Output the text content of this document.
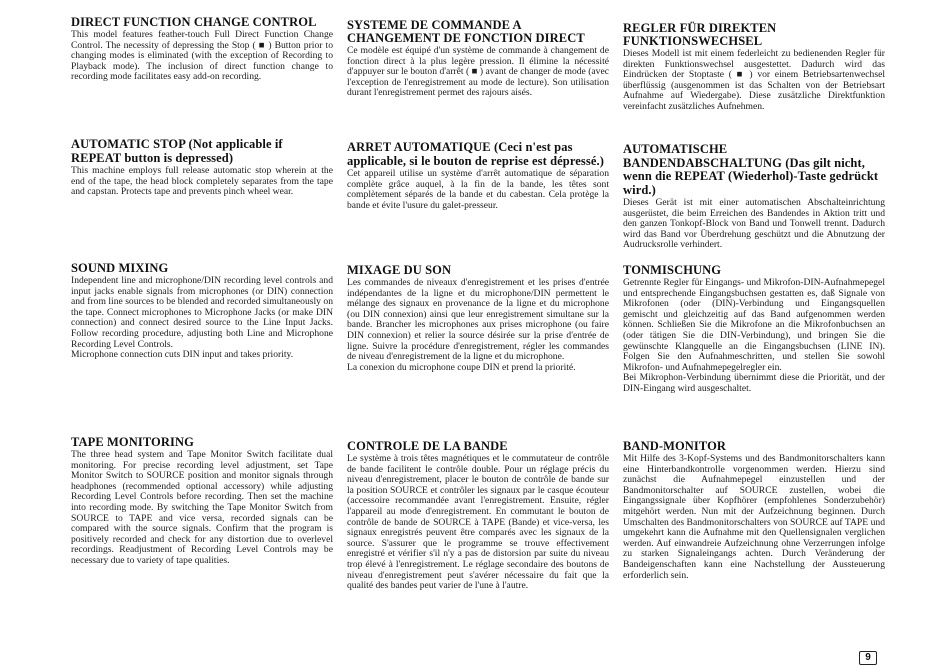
DIRECT FUNCTION CHANGE CONTROL

This model features feather-touch Full Direct Function Change Control. The necessity of depressing the Stop ( ■ ) Button prior to changing modes is eliminated (with the exception of Recording to Playback mode). The inclusion of direct function change to recording mode facilitates easy add-on recording.

AUTOMATIC STOP (Not applicable if REPEAT button is depressed)

This machine employs full release automatic stop wherein at the end of the tape, the head block completely separates from the tape and capstan. Protects tape and prevents pinch wheel wear.

SOUND MIXING

Independent line and microphone/DIN recording level controls and input jacks enable signals from microphones (or DIN) connection and from line sources to be blended and recorded simultaneously on the tape. Connect microphones to Microphone Jacks (or make DIN connection) and connect desired source to the Line Input Jacks. Follow recording procedure, adjusting both Line and Microphone Recording Level Controls.
Microphone connection cuts DIN input and takes priority.

TAPE MONITORING

The three head system and Tape Monitor Switch facilitate dual monitoring. For precise recording level adjustment, set Tape Monitor Switch to SOURCE position and monitor signals through headphones (recommended optional accessory) while adjusting Recording Level Controls before recording. Then set the machine into recording mode. By switching the Tape Monitor Switch from SOURCE to TAPE and vice versa, recorded signals can be compared with the source signals. Confirm that the program is positively recorded and check for any distortion due to overlevel recordings. Readjustment of Recording Level Controls may be necessary due to variety of tape qualities.

SYSTEME DE COMMANDE A CHANGEMENT DE FONCTION DIRECT

Ce modèle est équipé d'un système de commande à changement de fonction direct à la plus legère pression. Il élimine la nécessité d'appuyer sur le bouton d'arrêt ( ■ ) avant de changer de mode (avec l'exception de l'enregistrement au mode de lecture). Son utilisation durant l'enregistrement permet des rajours aisés.

ARRET AUTOMATIQUE (Ceci n'est pas applicable, si le bouton de reprise est dépressé.)

Cet appareil utilise un système d'arrêt automatique de séparation complète grâce auquel, à la fin de la bande, les têtes sont complètement séparés de la bande et du cabestan. Cela protège la bande et évite l'usure du galet-presseur.

MIXAGE DU SON

Les commandes de niveaux d'enregistrement et les prises d'entrée indépendantes de la ligne et du microphone/DIN permettent le mélange des signaux en provenance de la ligne et du microphone (ou DIN connexion) ainsi que leur enregistrement simultane sur la bande. Brancher les microphones aux prises microphone (ou faire DIN connexion) et relier la source désirée sur la prise d'entrée de ligne. Suivre la procédure d'enregistrement, régler les commandes de niveau d'enregistrement de la ligne et du microphone.
La conexion du microphone coupe DIN et prend la priorité.

CONTROLE DE LA BANDE

Le système à trois têtes magnétiques et le commutateur de contrôle de bande facilitent le contrôle double. Pour un réglage précis du niveau d'enregistrement, placer le bouton de contrôle de bande sur la position SOURCE et contrôler les signaux par le casque écouteur (accessoire recommandée avant l'enregistrement. Ensuite, régler l'appareil au mode d'enregistrement. En commutant le bouton de contrôle de bande de SOURCE à TAPE (Bande) et vice-versa, les signaux enregistrés peuvent être comparés avec les signaux de la source. S'assurer que le programme se trouve effectivement enregistré et vérifier s'il n'y a pas de distorsion par suite du niveau trop élevé à l'enregistrement. Le réglage secondaire des boutons de niveau d'enregistrement peut s'avérer nécessaire du fait que la qualité des bandes peut varier de l'une à l'autre.

REGLER FÜR DIREKTEN FUNKTIONSWECHSEL

Dieses Modell ist mit einem federleicht zu bedienenden Regler für direkten Funktionswechsel ausgestettet. Dadurch wird das Eindrücken der Stoptaste ( ■ ) vor einem Betriebsartenwechsel überflüssig (ausgenommen ist das Schalten von der Betriebsart Aufnahme auf Wiedergabe). Diese zusätzliche Direktfunktion vereinfacht zusätzliches Aufnehmen.

AUTOMATISCHE BANDENDABSCHALTUNG (Das gilt nicht, wenn die REPEAT (Wiederhol)-Taste gedrückt wird.)

Dieses Gerät ist mit einer automatischen Abschalteinrichtung ausgerüstet, die beim Erreichen des Bandendes in Aktion tritt und den ganzen Tonkopf-Block von Band und Tonwell trennt. Dadurch wird das Band vor Überdrehung geschützt und die Abnutzung der Audrucksrolle verhindert.

TONMISCHUNG

Getrennte Regler für Eingangs- und Mikrofon-DIN-Aufnahmepegel und entsprechende Eingangsbuchsen gestatten es, daß Signale von Mikrofonen (oder (DIN)-Verbindung und Eingangsquellen gemischt und gleichzeitig auf das Band aufgenommen werden können. Schließen Sie die Mikrofone an die Mikrofonbuchsen an (oder tätigen Sie die DIN-Verbindung), und bringen Sie die gewünschte Klangquelle an die Eingangsbuchsen (LINE IN). Folgen Sie den Aufnahmeschritten, und stellen Sie sowohl Mikrofon- und Aufnahmepegelregler ein.
Bei Mikrophon-Verbindung übernimmt diese die Priorität, und der DIN-Eingang wird ausgeschaltet.

BAND-MONITOR

Mit Hilfe des 3-Kopf-Systems und des Bandmonitorschalters kann eine Hinterbandkontrolle vorgenommen werden. Hierzu sind zunächst die Aufnahmepegel einzustellen und der Bandmonitorschalter auf SOURCE zustellen, wobei die Eingangssignale über Kopfhörer (empfohlenes Sonderzubehör) mitgehört werden. Nun mit der Aufzeichnung beginnen. Durch Umschalten des Bandmonitorschalters von SOURCE auf TAPE und umgekehrt kann die Aufnahme mit den Quellensignalen verglichen werden. Auf einwandreie Aufzeichnung ohne Verzerrungen infolge zu starken Signaleingangs achten. Durch Veränderung der Bandeigenschaften kann eine Nachstellung der Aussteuerung erforderlich sein.

9
